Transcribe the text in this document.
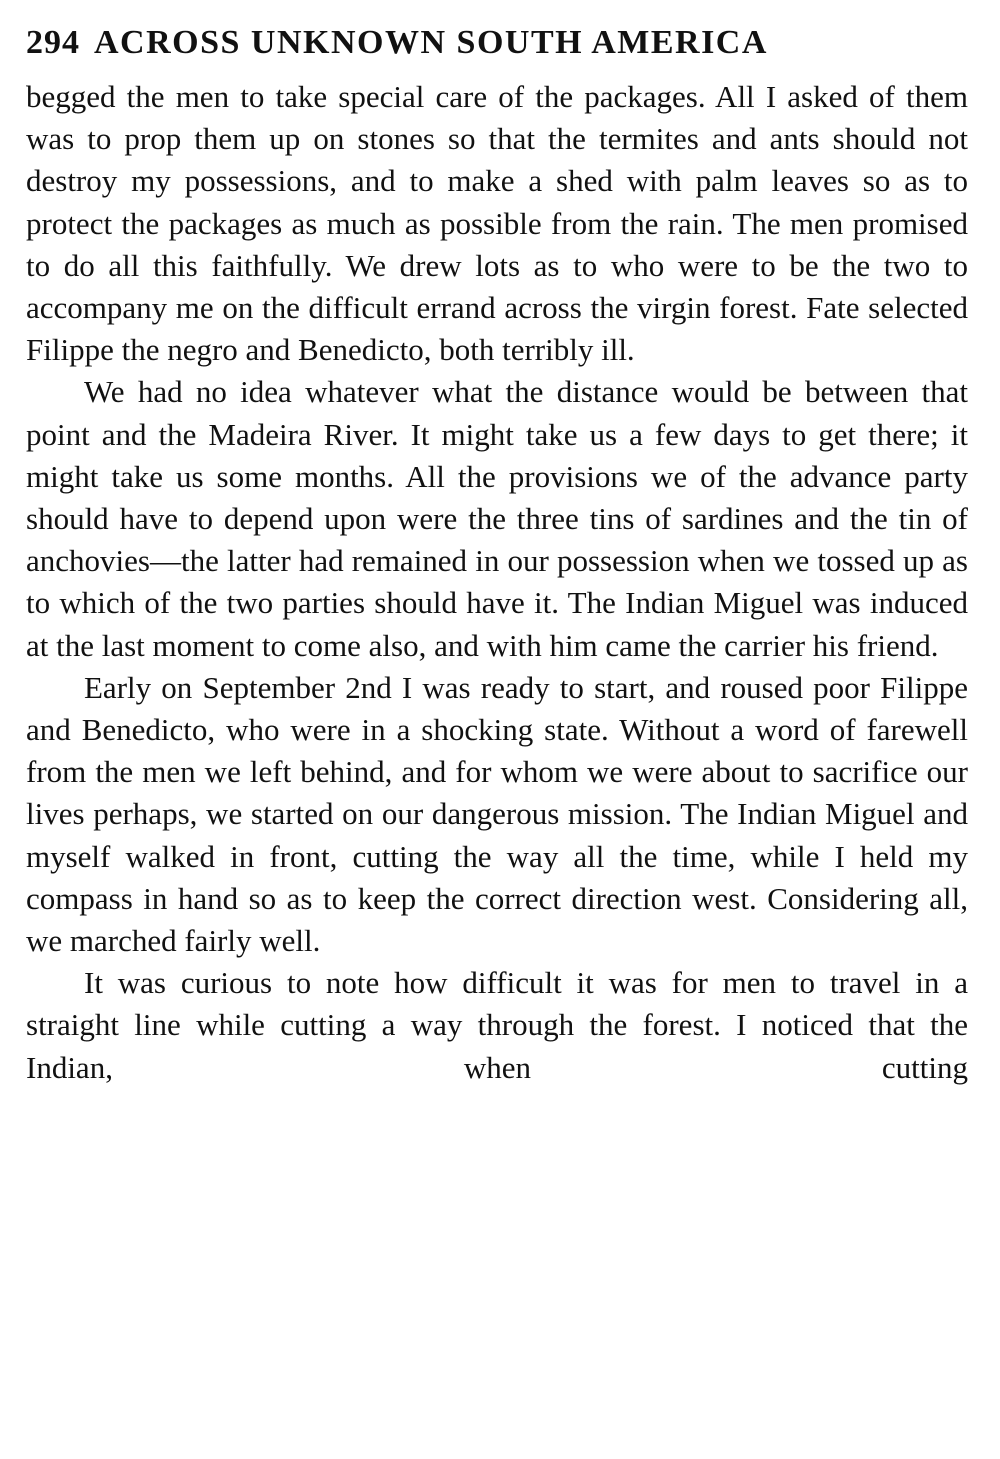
294 ACROSS UNKNOWN SOUTH AMERICA

begged the men to take special care of the packages. All I asked of them was to prop them up on stones so that the termites and ants should not destroy my possessions, and to make a shed with palm leaves so as to protect the packages as much as possible from the rain. The men promised to do all this faithfully. We drew lots as to who were to be the two to accompany me on the difficult errand across the virgin forest. Fate selected Filippe the negro and Benedicto, both terribly ill.

We had no idea whatever what the distance would be between that point and the Madeira River. It might take us a few days to get there; it might take us some months. All the provisions we of the advance party should have to depend upon were the three tins of sardines and the tin of anchovies—the latter had remained in our possession when we tossed up as to which of the two parties should have it. The Indian Miguel was induced at the last moment to come also, and with him came the carrier his friend.

Early on September 2nd I was ready to start, and roused poor Filippe and Benedicto, who were in a shocking state. Without a word of farewell from the men we left behind, and for whom we were about to sacrifice our lives perhaps, we started on our dangerous mission. The Indian Miguel and myself walked in front, cutting the way all the time, while I held my compass in hand so as to keep the correct direction west. Considering all, we marched fairly well.

It was curious to note how difficult it was for men to travel in a straight line while cutting a way through the forest. I noticed that the Indian, when cutting
